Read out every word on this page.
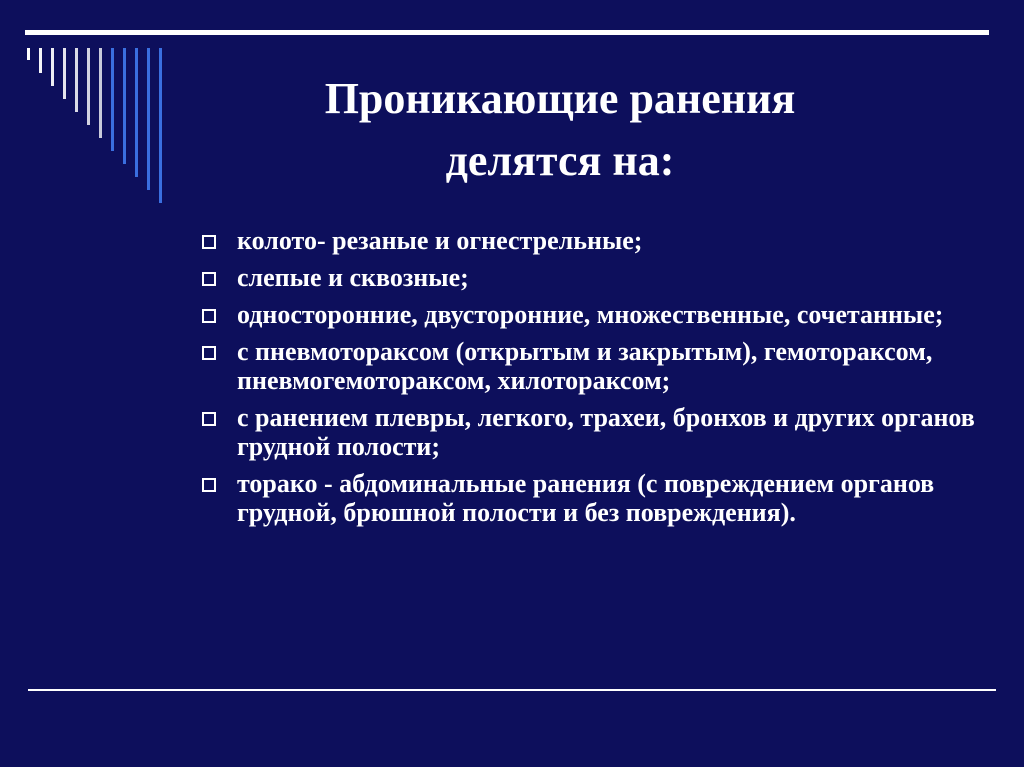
Проникающие ранения
делятся на:
колото- резаные и огнестрельные;
слепые и сквозные;
односторонние, двусторонние, множественные, сочетанные;
с пневмотораксом (открытым и закрытым), гемотораксом, пневмогемотораксом, хилотораксом;
с ранением плевры, легкого, трахеи, бронхов и других органов грудной полости;
торако - абдоминальные ранения (с повреждением органов грудной, брюшной полости и без повреждения).
